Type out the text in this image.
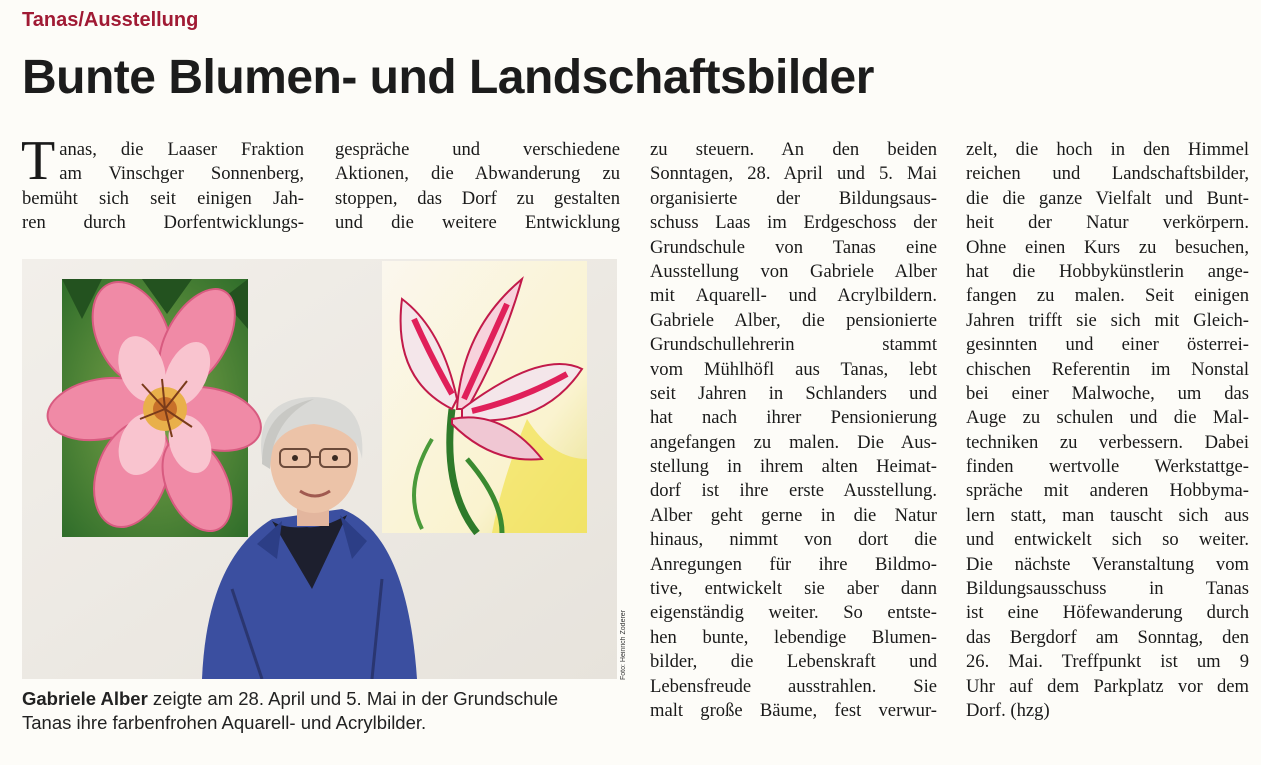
Tanas/Ausstellung
Bunte Blumen- und Landschaftsbilder
T anas, die Laaser Fraktion
am Vinschger Sonnenberg,
bemüht sich seit einigen Jah-
ren durch Dorfentwicklungs-
gespräche und verschiedene
Aktionen, die Abwanderung zu
stoppen, das Dorf zu gestalten
und die weitere Entwicklung
zu steuern. An den beiden
Sonntagen, 28. April und 5. Mai
organisierte der Bildungsaus-
schuss Laas im Erdgeschoss der
Grundschule von Tanas eine
Ausstellung von Gabriele Alber
mit Aquarell- und Acrylbildern.
Gabriele Alber, die pensionierte
Grundschullehrerin stammt
vom Mühlhöfl aus Tanas, lebt
seit Jahren in Schlanders und
hat nach ihrer Pensionierung
angefangen zu malen. Die Aus-
stellung in ihrem alten Heimat-
dorf ist ihre erste Ausstellung.
Alber geht gerne in die Natur
hinaus, nimmt von dort die
Anregungen für ihre Bildmo-
tive, entwickelt sie aber dann
eigenständig weiter. So entste-
hen bunte, lebendige Blumen-
bilder, die Lebenskraft und
Lebensfreude ausstrahlen. Sie
malt große Bäume, fest verwur-
zelt, die hoch in den Himmel
reichen und Landschaftsbilder,
die die ganze Vielfalt und Bunt-
heit der Natur verkörpern.
Ohne einen Kurs zu besuchen,
hat die Hobbykünstlerin ange-
fangen zu malen. Seit einigen
Jahren trifft sie sich mit Gleich-
gesinnten und einer österrei-
chischen Referentin im Nonstal
bei einer Malwoche, um das
Auge zu schulen und die Mal-
techniken zu verbessern. Dabei
finden wertvolle Werkstattge-
spräche mit anderen Hobbyma-
lern statt, man tauscht sich aus
und entwickelt sich so weiter.
Die nächste Veranstaltung vom
Bildungsausschuss in Tanas
ist eine Höfewanderung durch
das Bergdorf am Sonntag, den
26. Mai. Treffpunkt ist um 9
Uhr auf dem Parkplatz vor dem
Dorf. (hzg)
Foto: Heinrich Zoderer
Gabriele Alber zeigte am 28. April und 5. Mai in der Grundschule
Tanas ihre farbenfrohen Aquarell- und Acrylbilder.
